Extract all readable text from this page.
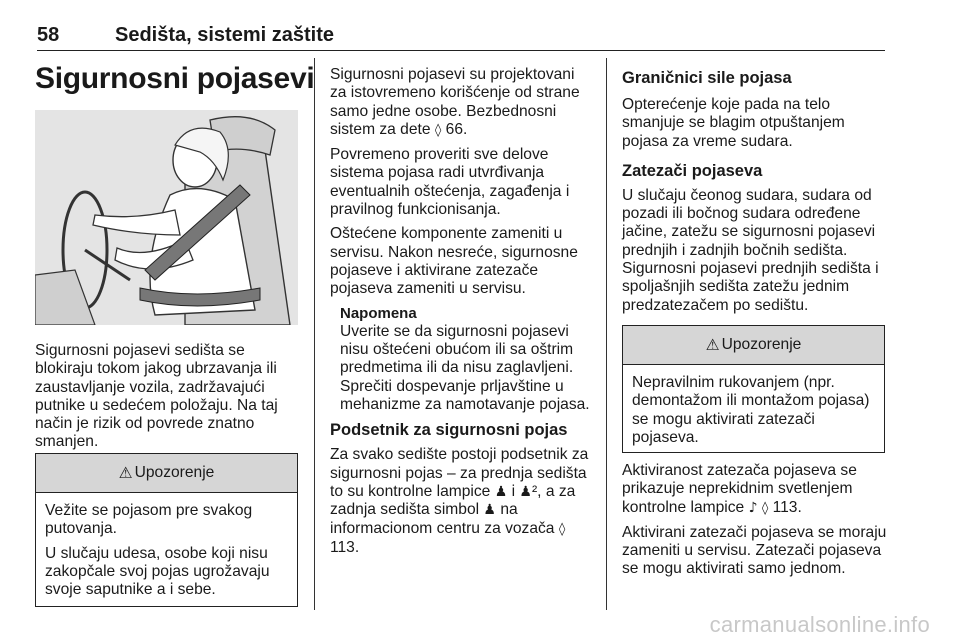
58	Sedišta, sistemi zaštite
Sigurnosni pojasevi

Sigurnosni pojasevi sedišta se blokiraju tokom jakog ubrzavanja ili zaustavljanje vozila, zadržavajući putnike u sedećem položaju. Na taj način je rizik od povrede znatno smanjen.

⚠ Upozorenje

Vežite se pojasom pre svakog putovanja.

U slučaju udesa, osobe koji nisu zakopčale svoj pojas ugrožavaju svoje saputnike a i sebe.

Sigurnosni pojasevi su projektovani za istovremeno korišćenje od strane samo jedne osobe. Bezbednosni sistem za dete ◊ 66.

Povremeno proveriti sve delove sistema pojasa radi utvrđivanja eventualnih oštećenja, zagađenja i pravilnog funkcionisanja.

Oštećene komponente zameniti u servisu. Nakon nesreće, sigurnosne pojaseve i aktivirane zatezače pojaseva zameniti u servisu.

Napomena

Uverite se da sigurnosni pojasevi nisu oštećeni obućom ili sa oštrim predmetima ili da nisu zaglavljeni. Sprečiti dospevanje prljavštine u mehanizme za namotavanje pojasa.

Podsetnik za sigurnosni pojas

Za svako sedište postoji podsetnik za sigurnosni pojas – za prednja sedišta to su kontrolne lampice ♟ i ♟², a za zadnja sedišta simbol ♟ na informacionom centru za vozača ◊ 113.

Graničnici sile pojasa

Opterećenje koje pada na telo smanjuje se blagim otpuštanjem pojasa za vreme sudara.

Zatezači pojaseva

U slučaju čeonog sudara, sudara od pozadi ili bočnog sudara određene jačine, zatežu se sigurnosni pojasevi prednjih i zadnjih bočnih sedišta. Sigurnosni pojasevi prednjih sedišta i spoljašnjih sedišta zatežu jednim predzatezačem po sedištu.

⚠ Upozorenje

Nepravilnim rukovanjem (npr. demontažom ili montažom pojasa) se mogu aktivirati zatezači pojaseva.

Aktiviranost zatezača pojaseva se prikazuje neprekidnim svetlenjem kontrolne lampice ♪ ◊ 113.

Aktivirani zatezači pojaseva se moraju zameniti u servisu. Zatezači pojaseva se mogu aktivirati samo jednom.

carmanualsonline.info
